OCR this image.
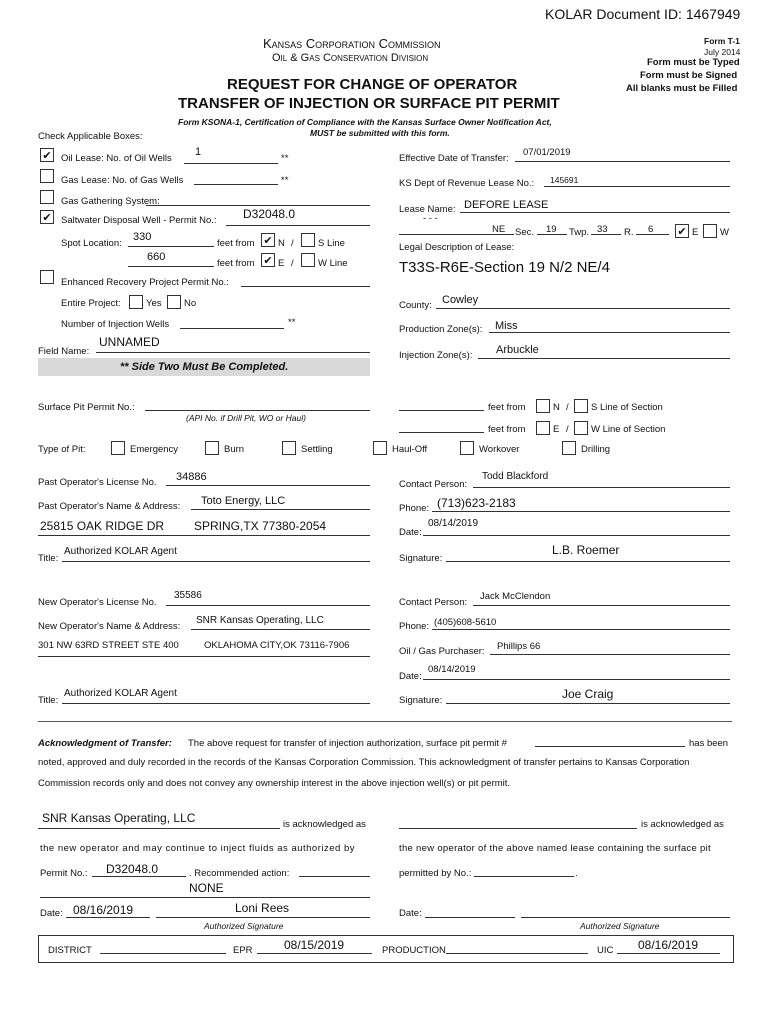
KOLAR Document ID: 1467949
Kansas Corporation Commission
Oil & Gas Conservation Division
Form T-1
July 2014
Form must be Typed
Form must be Signed
All blanks must be Filled
REQUEST FOR CHANGE OF OPERATOR
TRANSFER OF INJECTION OR SURFACE PIT PERMIT
Form KSONA-1, Certification of Compliance with the Kansas Surface Owner Notification Act,
MUST be submitted with this form.
Check Applicable Boxes:
✔
Oil Lease: No. of Oil Wells
1
**
Gas Lease: No. of Gas Wells	**
Gas Gathering System:
✔
Saltwater Disposal Well - Permit No.: D32048.0
Spot Location:
330
feet from ✔ N /	S Line
660
feet from ✔ E /	W Line
Enhanced Recovery Project Permit No.:
Entire Project:	Yes No
Number of Injection Wells	**
Field Name:
UNNAMED
** Side Two Must Be Completed.
Effective Date of Transfer:
07/01/2019
KS Dept of Revenue Lease No.: 145691
Lease Name: DEFORE LEASE
- - -
NE Sec. 19 Twp. 33 R. 6 ✔	E W
Legal Description of Lease:
T33S-R6E-Section 19 N/2 NE/4
County: Cowley
Production Zone(s): Miss
Injection Zone(s): Arbuckle
Surface Pit Permit No.:
(API No. if Drill Pit, WO or Haul)
feet from	N / S Line of Section
feet from	E / W Line of Section
Type of Pit:	Emergency	Burn	Settling	Haul-Off	Workover	Drilling
Past Operator's License No. 34886
Past Operator's Name & Address: Toto Energy, LLC
25815 OAK RIDGE DR SPRING,TX 77380-2054
Title:
Authorized KOLAR Agent
Contact Person:
Todd Blackford
Phone: (713)623-2183
Date:
08/14/2019
Signature:
L.B. Roemer
New Operator's License No.
35586
New Operator's Name & Address:
SNR Kansas Operating, LLC
301 NW 63RD STREET STE 400	OKLAHOMA CITY,OK 73116-7906
Title:
Authorized KOLAR Agent
Contact Person:
Jack McClendon
Phone: (405)608-5610
Oil / Gas Purchaser: Phillips 66
Date:
08/14/2019
Signature:	Joe Craig
Acknowledgment of Transfer: The above request for transfer of injection authorization, surface pit permit #	has been
noted, approved and duly recorded in the records of the Kansas Corporation Commission. This acknowledgment of transfer pertains to Kansas Corporation
Commission records only and does not convey any ownership interest in the above injection well(s) or pit permit.
SNR Kansas Operating, LLC	is acknowledged as	is acknowledged as
the new operator and may continue to inject fluids as authorized by	the new operator of the above named lease containing the surface pit
Permit No.: D32048.0	. Recommended action:
NONE
permitted by No.:	.
Date: 08/16/2019	Loni Rees
Authorized Signature
Date:
Authorized Signature
DISTRICT	EPR	08/15/2019	PRODUCTION	UIC 08/16/2019
